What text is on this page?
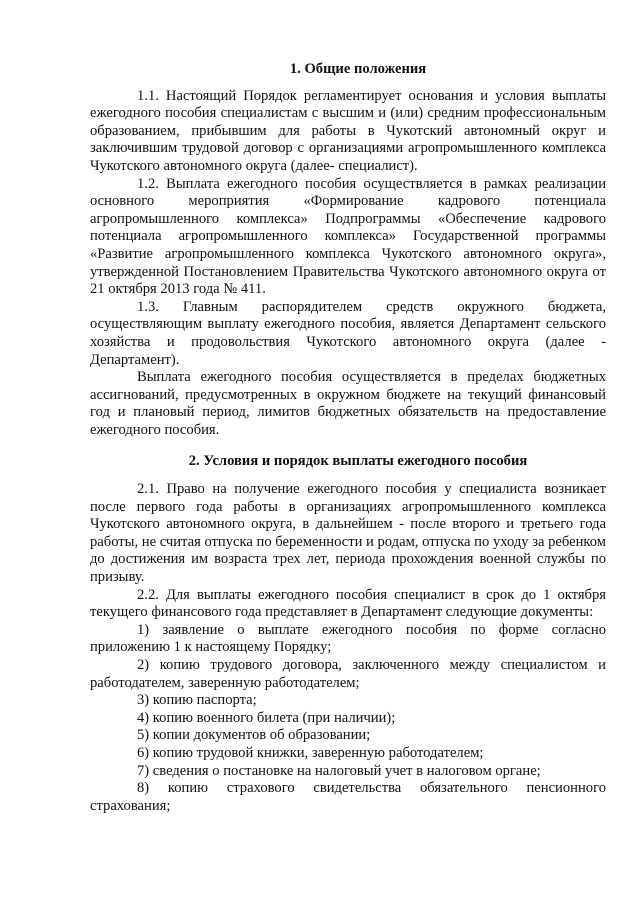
1. Общие положения

1.1. Настоящий Порядок регламентирует основания и условия выплаты ежегодного пособия специалистам с высшим и (или) средним профессиональным образованием, прибывшим для работы в Чукотский автономный округ и заключившим трудовой договор с организациями агропромышленного комплекса Чукотского автономного округа (далее- специалист).

1.2. Выплата ежегодного пособия осуществляется в рамках реализации основного мероприятия «Формирование кадрового потенциала агропромышленного комплекса» Подпрограммы «Обеспечение кадрового потенциала агропромышленного комплекса» Государственной программы «Развитие агропромышленного комплекса Чукотского автономного округа», утвержденной Постановлением Правительства Чукотского автономного округа от 21 октября 2013 года № 411.

1.3. Главным распорядителем средств окружного бюджета, осуществляющим выплату ежегодного пособия, является Департамент сельского хозяйства и продовольствия Чукотского автономного округа (далее - Департамент).

Выплата ежегодного пособия осуществляется в пределах бюджетных ассигнований, предусмотренных в окружном бюджете на текущий финансовый год и плановый период, лимитов бюджетных обязательств на предоставление ежегодного пособия.

2. Условия и порядок выплаты ежегодного пособия

2.1. Право на получение ежегодного пособия у специалиста возникает после первого года работы в организациях агропромышленного комплекса Чукотского автономного округа, в дальнейшем - после второго и третьего года работы, не считая отпуска по беременности и родам, отпуска по уходу за ребенком до достижения им возраста трех лет, периода прохождения военной службы по призыву.

2.2. Для выплаты ежегодного пособия специалист в срок до 1 октября текущего финансового года представляет в Департамент следующие документы:

1) заявление о выплате ежегодного пособия по форме согласно приложению 1 к настоящему Порядку;

2) копию трудового договора, заключенного между специалистом и работодателем, заверенную работодателем;

3) копию паспорта;

4) копию военного билета (при наличии);

5) копии документов об образовании;

6) копию трудовой книжки, заверенную работодателем;

7) сведения о постановке на налоговый учет в налоговом органе;

8) копию страхового свидетельства обязательного пенсионного страхования;
